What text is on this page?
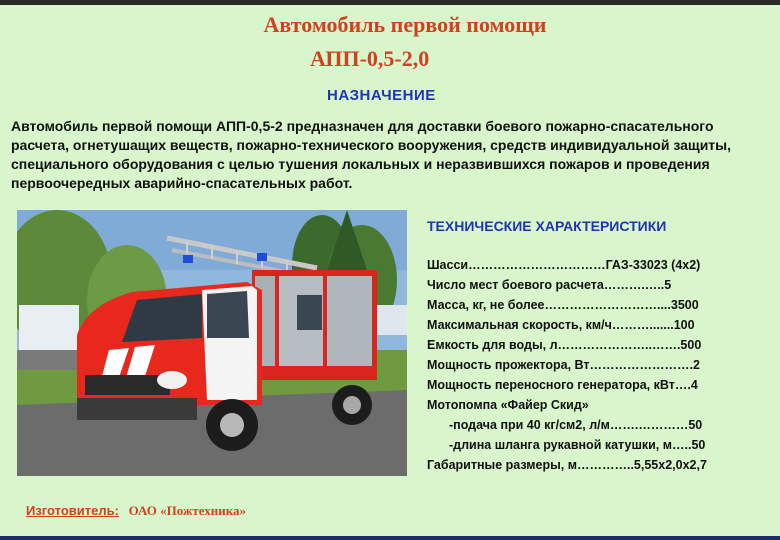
Автомобиль первой помощи
АПП-0,5-2,0
НАЗНАЧЕНИЕ
Автомобиль первой помощи АПП-0,5-2 предназначен для доставки боевого пожарно-спасательного расчета, огнетушащих веществ, пожарно-технического вооружения, средств индивидуальной защиты, специального оборудования с целью тушения локальных и неразвившихся пожаров и проведения первоочередных аварийно-спасательных работ.
ТЕХНИЧЕСКИЕ ХАРАКТЕРИСТИКИ
Шасси……………………………ГАЗ-33023 (4х2)
Число мест боевого расчета……….…..5
Масса, кг, не более………………………....3500
Максимальная скорость, км/ч……….......100
Емкость для воды, л…………………..…….500
Мощность прожектора, Вт…………………….2
Мощность переносного генератора, кВт….4
Мотопомпа «Файер Скид»
-подача при 40 кг/см2, л/м…….…………50
-длина шланга рукавной катушки, м…..50
Габаритные размеры, м…………..5,55х2,0х2,7
Изготовитель: ОАО «Пожтехника»
